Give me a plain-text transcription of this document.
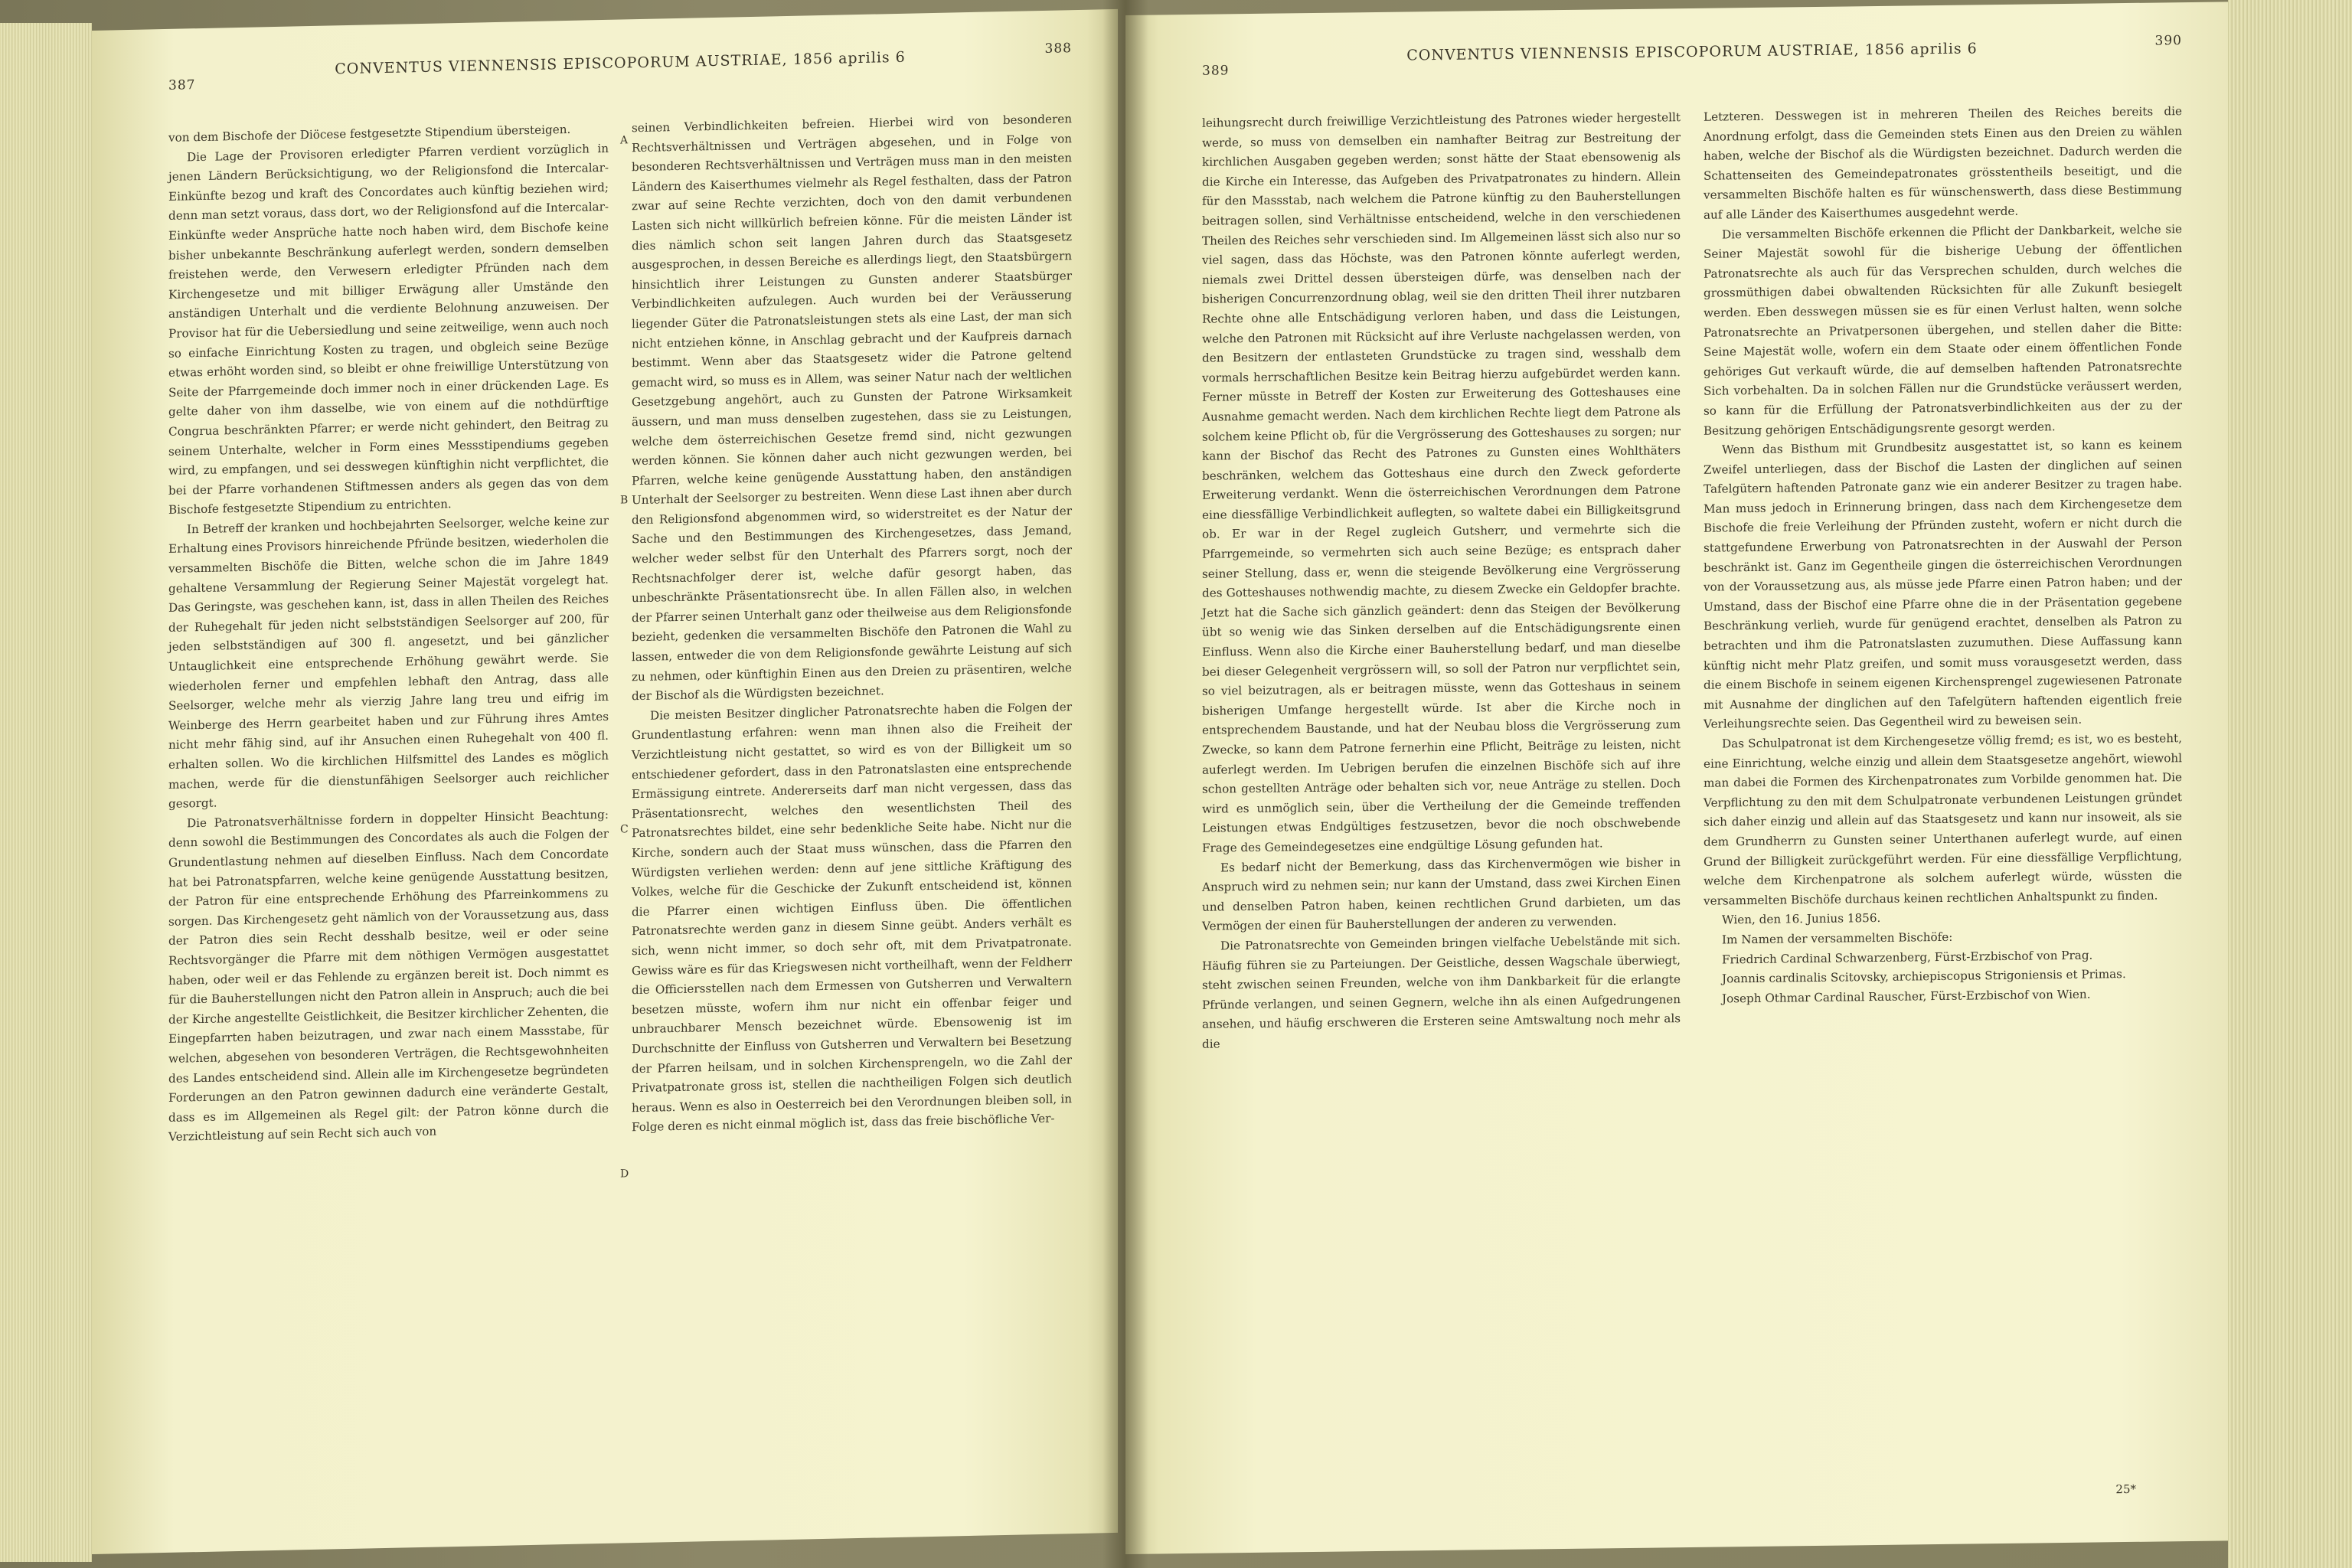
387
CONVENTUS VIENNENSIS EPISCOPORUM AUSTRIAE, 1856 aprilis 6
388

von dem Bischofe der Diöcese festgesetzte Stipendium übersteigen.

Die Lage der Provisoren erledigter Pfarren verdient vorzüglich in jenen Ländern Berücksichtigung, wo der Religionsfond die Intercalar-Einkünfte bezog und kraft des Concordates auch künftig beziehen wird; denn man setzt voraus, dass dort, wo der Religionsfond auf die Intercalar-Einkünfte weder Ansprüche hatte noch haben wird, dem Bischofe keine bisher unbekannte Beschränkung auferlegt werden, sondern demselben freistehen werde, den Verwesern erledigter Pfründen nach dem Kirchengesetze und mit billiger Erwägung aller Umstände den anständigen Unterhalt und die verdiente Belohnung anzuweisen. Der Provisor hat für die Uebersiedlung und seine zeitweilige, wenn auch noch so einfache Einrichtung Kosten zu tragen, und obgleich seine Bezüge etwas erhöht worden sind, so bleibt er ohne freiwillige Unterstützung von Seite der Pfarrgemeinde doch immer noch in einer drückenden Lage. Es gelte daher von ihm dasselbe, wie von einem auf die nothdürftige Congrua beschränkten Pfarrer; er werde nicht gehindert, den Beitrag zu seinem Unterhalte, welcher in Form eines Messstipendiums gegeben wird, zu empfangen, und sei desswegen künftighin nicht verpflichtet, die bei der Pfarre vorhandenen Stiftmessen anders als gegen das von dem Bischofe festgesetzte Stipendium zu entrichten.

In Betreff der kranken und hochbejahrten Seelsorger, welche keine zur Erhaltung eines Provisors hinreichende Pfründe besitzen, wiederholen die versammelten Bischöfe die Bitten, welche schon die im Jahre 1849 gehaltene Versammlung der Regierung Seiner Majestät vorgelegt hat. Das Geringste, was geschehen kann, ist, dass in allen Theilen des Reiches der Ruhegehalt für jeden nicht selbstständigen Seelsorger auf 200, für jeden selbstständigen auf 300 fl. angesetzt, und bei gänzlicher Untauglichkeit eine entsprechende Erhöhung gewährt werde. Sie wiederholen ferner und empfehlen lebhaft den Antrag, dass alle Seelsorger, welche mehr als vierzig Jahre lang treu und eifrig im Weinberge des Herrn gearbeitet haben und zur Führung ihres Amtes nicht mehr fähig sind, auf ihr Ansuchen einen Ruhegehalt von 400 fl. erhalten sollen. Wo die kirchlichen Hilfsmittel des Landes es möglich machen, werde für die dienstunfähigen Seelsorger auch reichlicher gesorgt.

Die Patronatsverhältnisse fordern in doppelter Hinsicht Beachtung: denn sowohl die Bestimmungen des Concordates als auch die Folgen der Grundentlastung nehmen auf dieselben Einfluss. Nach dem Concordate hat bei Patronatspfarren, welche keine genügende Ausstattung besitzen, der Patron für eine entsprechende Erhöhung des Pfarreinkommens zu sorgen. Das Kirchengesetz geht nämlich von der Voraussetzung aus, dass der Patron dies sein Recht desshalb besitze, weil er oder seine Rechtsvorgänger die Pfarre mit dem nöthigen Vermögen ausgestattet haben, oder weil er das Fehlende zu ergänzen bereit ist. Doch nimmt es für die Bauherstellungen nicht den Patron allein in Anspruch; auch die bei der Kirche angestellte Geistlichkeit, die Besitzer kirchlicher Zehenten, die Eingepfarrten haben beizutragen, und zwar nach einem Massstabe, für welchen, abgesehen von besonderen Verträgen, die Rechtsgewohnheiten des Landes entscheidend sind. Allein alle im Kirchengesetze begründeten Forderungen an den Patron gewinnen dadurch eine veränderte Gestalt, dass es im Allgemeinen als Regel gilt: der Patron könne durch die Verzichtleistung auf sein Recht sich auch von

seinen Verbindlichkeiten befreien. Hierbei wird von besonderen Rechtsverhältnissen und Verträgen abgesehen, und in Folge von besonderen Rechtsverhältnissen und Verträgen muss man in den meisten Ländern des Kaiserthumes vielmehr als Regel festhalten, dass der Patron zwar auf seine Rechte verzichten, doch von den damit verbundenen Lasten sich nicht willkürlich befreien könne. Für die meisten Länder ist dies nämlich schon seit langen Jahren durch das Staatsgesetz ausgesprochen, in dessen Bereiche es allerdings liegt, den Staatsbürgern hinsichtlich ihrer Leistungen zu Gunsten anderer Staatsbürger Verbindlichkeiten aufzulegen. Auch wurden bei der Veräusserung liegender Güter die Patronatsleistungen stets als eine Last, der man sich nicht entziehen könne, in Anschlag gebracht und der Kaufpreis darnach bestimmt. Wenn aber das Staatsgesetz wider die Patrone geltend gemacht wird, so muss es in Allem, was seiner Natur nach der weltlichen Gesetzgebung angehört, auch zu Gunsten der Patrone Wirksamkeit äussern, und man muss denselben zugestehen, dass sie zu Leistungen, welche dem österreichischen Gesetze fremd sind, nicht gezwungen werden können. Sie können daher auch nicht gezwungen werden, bei Pfarren, welche keine genügende Ausstattung haben, den anständigen Unterhalt der Seelsorger zu bestreiten. Wenn diese Last ihnen aber durch den Religionsfond abgenommen wird, so widerstreitet es der Natur der Sache und den Bestimmungen des Kirchengesetzes, dass Jemand, welcher weder selbst für den Unterhalt des Pfarrers sorgt, noch der Rechtsnachfolger derer ist, welche dafür gesorgt haben, das unbeschränkte Präsentationsrecht übe. In allen Fällen also, in welchen der Pfarrer seinen Unterhalt ganz oder theilweise aus dem Religionsfonde bezieht, gedenken die versammelten Bischöfe den Patronen die Wahl zu lassen, entweder die von dem Religionsfonde gewährte Leistung auf sich zu nehmen, oder künftighin Einen aus den Dreien zu präsentiren, welche der Bischof als die Würdigsten bezeichnet.

Die meisten Besitzer dinglicher Patronatsrechte haben die Folgen der Grundentlastung erfahren: wenn man ihnen also die Freiheit der Verzichtleistung nicht gestattet, so wird es von der Billigkeit um so entschiedener gefordert, dass in den Patronatslasten eine entsprechende Ermässigung eintrete. Andererseits darf man nicht vergessen, dass das Präsentationsrecht, welches den wesentlichsten Theil des Patronatsrechtes bildet, eine sehr bedenkliche Seite habe. Nicht nur die Kirche, sondern auch der Staat muss wünschen, dass die Pfarren den Würdigsten verliehen werden: denn auf jene sittliche Kräftigung des Volkes, welche für die Geschicke der Zukunft entscheidend ist, können die Pfarrer einen wichtigen Einfluss üben. Die öffentlichen Patronatsrechte werden ganz in diesem Sinne geübt. Anders verhält es sich, wenn nicht immer, so doch sehr oft, mit dem Privatpatronate. Gewiss wäre es für das Kriegswesen nicht vortheilhaft, wenn der Feldherr die Officiersstellen nach dem Ermessen von Gutsherren und Verwaltern besetzen müsste, wofern ihm nur nicht ein offenbar feiger und unbrauchbarer Mensch bezeichnet würde. Ebensowenig ist im Durchschnitte der Einfluss von Gutsherren und Verwaltern bei Besetzung der Pfarren heilsam, und in solchen Kirchensprengeln, wo die Zahl der Privatpatronate gross ist, stellen die nachtheiligen Folgen sich deutlich heraus. Wenn es also in Oesterreich bei den Verordnungen bleiben soll, in Folge deren es nicht einmal möglich ist, dass das freie bischöfliche Ver-

A
B
C
D
389
CONVENTUS VIENNENSIS EPISCOPORUM AUSTRIAE, 1856 aprilis 6	390

leihungsrecht durch freiwillige Verzichtleistung des Patrones wieder hergestellt werde, so muss von demselben ein namhafter Beitrag zur Bestreitung der kirchlichen Ausgaben gegeben werden; sonst hätte der Staat ebensowenig als die Kirche ein Interesse, das Aufgeben des Privatpatronates zu hindern. Allein für den Massstab, nach welchem die Patrone künftig zu den Bauherstellungen beitragen sollen, sind Verhältnisse entscheidend, welche in den verschiedenen Theilen des Reiches sehr verschieden sind. Im Allgemeinen lässt sich also nur so viel sagen, dass das Höchste, was den Patronen könnte auferlegt werden, niemals zwei Drittel dessen übersteigen dürfe, was denselben nach der bisherigen Concurrenzordnung oblag, weil sie den dritten Theil ihrer nutzbaren Rechte ohne alle Entschädigung verloren haben, und dass die Leistungen, welche den Patronen mit Rücksicht auf ihre Verluste nachgelassen werden, von den Besitzern der entlasteten Grundstücke zu tragen sind, wesshalb dem vormals herrschaftlichen Besitze kein Beitrag hierzu aufgebürdet werden kann. Ferner müsste in Betreff der Kosten zur Erweiterung des Gotteshauses eine Ausnahme gemacht werden. Nach dem kirchlichen Rechte liegt dem Patrone als solchem keine Pflicht ob, für die Vergrösserung des Gotteshauses zu sorgen; nur kann der Bischof das Recht des Patrones zu Gunsten eines Wohlthäters beschränken, welchem das Gotteshaus eine durch den Zweck geforderte Erweiterung verdankt. Wenn die österreichischen Verordnungen dem Patrone eine diessfällige Verbindlichkeit auflegten, so waltete dabei ein Billigkeitsgrund ob. Er war in der Regel zugleich Gutsherr, und vermehrte sich die Pfarrgemeinde, so vermehrten sich auch seine Bezüge; es entsprach daher seiner Stellung, dass er, wenn die steigende Bevölkerung eine Vergrösserung des Gotteshauses nothwendig machte, zu diesem Zwecke ein Geldopfer brachte. Jetzt hat die Sache sich gänzlich geändert: denn das Steigen der Bevölkerung übt so wenig wie das Sinken derselben auf die Entschädigungsrente einen Einfluss. Wenn also die Kirche einer Bauherstellung bedarf, und man dieselbe bei dieser Gelegenheit vergrössern will, so soll der Patron nur verpflichtet sein, so viel beizutragen, als er beitragen müsste, wenn das Gotteshaus in seinem bisherigen Umfange hergestellt würde. Ist aber die Kirche noch in entsprechendem Baustande, und hat der Neubau bloss die Vergrösserung zum Zwecke, so kann dem Patrone fernerhin eine Pflicht, Beiträge zu leisten, nicht auferlegt werden. Im Uebrigen berufen die einzelnen Bischöfe sich auf ihre schon gestellten Anträge oder behalten sich vor, neue Anträge zu stellen. Doch wird es unmöglich sein, über die Vertheilung der die Gemeinde treffenden Leistungen etwas Endgültiges festzusetzen, bevor die noch obschwebende Frage des Gemeindegesetzes eine endgültige Lösung gefunden hat.

Es bedarf nicht der Bemerkung, dass das Kirchenvermögen wie bisher in Anspruch wird zu nehmen sein; nur kann der Umstand, dass zwei Kirchen Einen und denselben Patron haben, keinen rechtlichen Grund darbieten, um das Vermögen der einen für Bauherstellungen der anderen zu verwenden.

Die Patronatsrechte von Gemeinden bringen vielfache Uebelstände mit sich. Häufig führen sie zu Parteiungen. Der Geistliche, dessen Wagschale überwiegt, steht zwischen seinen Freunden, welche von ihm Dankbarkeit für die erlangte Pfründe verlangen, und seinen Gegnern, welche ihn als einen Aufgedrungenen ansehen, und häufig erschweren die Ersteren seine Amtswaltung noch mehr als die

Letzteren. Desswegen ist in mehreren Theilen des Reiches bereits die Anordnung erfolgt, dass die Gemeinden stets Einen aus den Dreien zu wählen haben, welche der Bischof als die Würdigsten bezeichnet. Dadurch werden die Schattenseiten des Gemeindepatronates grösstentheils beseitigt, und die versammelten Bischöfe halten es für wünschenswerth, dass diese Bestimmung auf alle Länder des Kaiserthumes ausgedehnt werde.

Die versammelten Bischöfe erkennen die Pflicht der Dankbarkeit, welche sie Seiner Majestät sowohl für die bisherige Uebung der öffentlichen Patronatsrechte als auch für das Versprechen schulden, durch welches die grossmüthigen dabei obwaltenden Rücksichten für alle Zukunft besiegelt werden. Eben desswegen müssen sie es für einen Verlust halten, wenn solche Patronatsrechte an Privatpersonen übergehen, und stellen daher die Bitte: Seine Majestät wolle, wofern ein dem Staate oder einem öffentlichen Fonde gehöriges Gut verkauft würde, die auf demselben haftenden Patronatsrechte Sich vorbehalten. Da in solchen Fällen nur die Grundstücke veräussert werden, so kann für die Erfüllung der Patronatsverbindlichkeiten aus der zu der Besitzung gehörigen Entschädigungsrente gesorgt werden.

Wenn das Bisthum mit Grundbesitz ausgestattet ist, so kann es keinem Zweifel unterliegen, dass der Bischof die Lasten der dinglichen auf seinen Tafelgütern haftenden Patronate ganz wie ein anderer Besitzer zu tragen habe. Man muss jedoch in Erinnerung bringen, dass nach dem Kirchengesetze dem Bischofe die freie Verleihung der Pfründen zusteht, wofern er nicht durch die stattgefundene Erwerbung von Patronatsrechten in der Auswahl der Person beschränkt ist. Ganz im Gegentheile gingen die österreichischen Verordnungen von der Voraussetzung aus, als müsse jede Pfarre einen Patron haben; und der Umstand, dass der Bischof eine Pfarre ohne die in der Präsentation gegebene Beschränkung verlieh, wurde für genügend erachtet, denselben als Patron zu betrachten und ihm die Patronatslasten zuzumuthen. Diese Auffassung kann künftig nicht mehr Platz greifen, und somit muss vorausgesetzt werden, dass die einem Bischofe in seinem eigenen Kirchensprengel zugewiesenen Patronate mit Ausnahme der dinglichen auf den Tafelgütern haftenden eigentlich freie Verleihungsrechte seien. Das Gegentheil wird zu beweisen sein.

Das Schulpatronat ist dem Kirchengesetze völlig fremd; es ist, wo es besteht, eine Einrichtung, welche einzig und allein dem Staatsgesetze angehört, wiewohl man dabei die Formen des Kirchenpatronates zum Vorbilde genommen hat. Die Verpflichtung zu den mit dem Schulpatronate verbundenen Leistungen gründet sich daher einzig und allein auf das Staatsgesetz und kann nur insoweit, als sie dem Grundherrn zu Gunsten seiner Unterthanen auferlegt wurde, auf einen Grund der Billigkeit zurückgeführt werden. Für eine diessfällige Verpflichtung, welche dem Kirchenpatrone als solchem auferlegt würde, wüssten die versammelten Bischöfe durchaus keinen rechtlichen Anhaltspunkt zu finden.

Wien, den 16. Junius 1856.

Im Namen der versammelten Bischöfe:

Friedrich Cardinal Schwarzenberg, Fürst-Erzbischof von Prag.

Joannis cardinalis Scitovsky, archiepiscopus Strigoniensis et Primas.

Joseph Othmar Cardinal Rauscher, Fürst-Erzbischof von Wien.

25*
